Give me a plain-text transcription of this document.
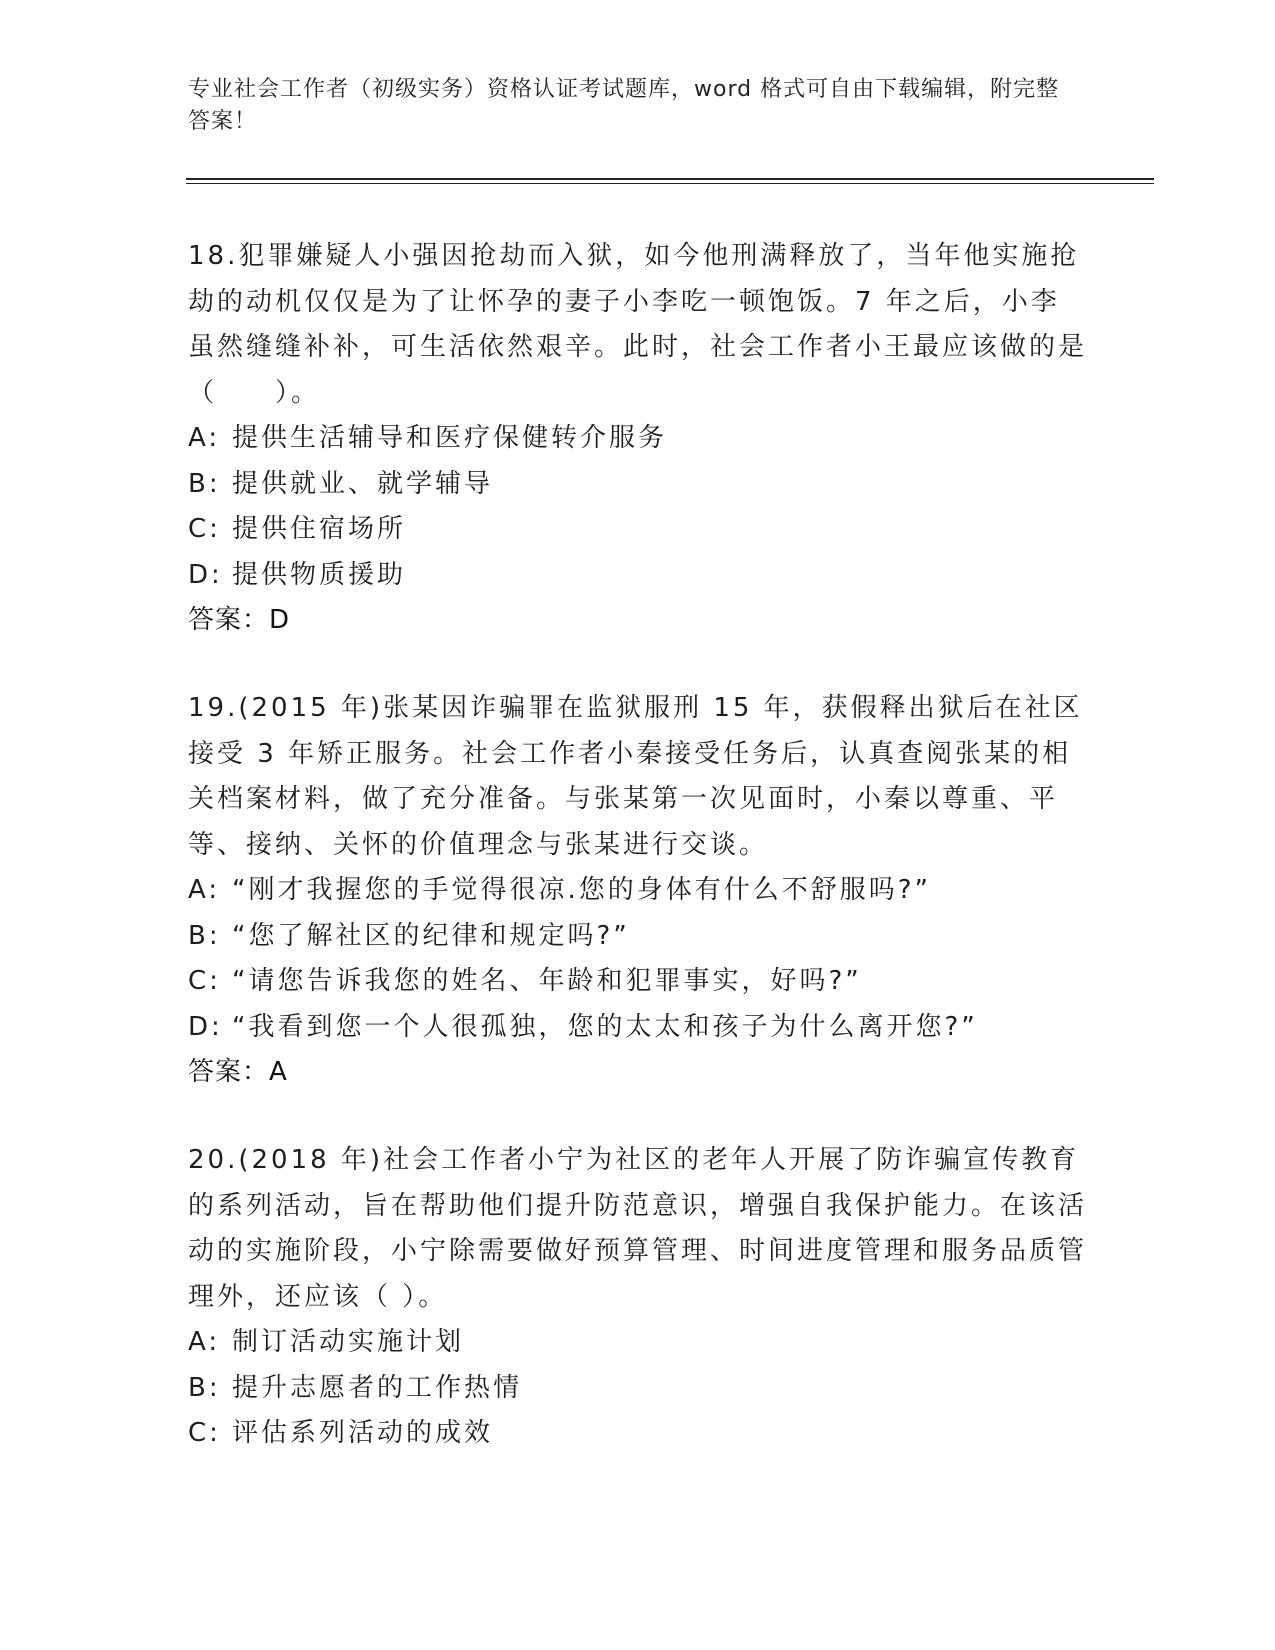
专业社会工作者（初级实务）资格认证考试题库，word 格式可自由下载编辑，附完整答案！

18.犯罪嫌疑人小强因抢劫而入狱，如今他刑满释放了，当年他实施抢劫的动机仅仅是为了让怀孕的妻子小李吃一顿饱饭。7 年之后，小李虽然缝缝补补，可生活依然艰辛。此时，社会工作者小王最应该做的是（　　）。

A: 提供生活辅导和医疗保健转介服务

B: 提供就业、就学辅导

C: 提供住宿场所

D: 提供物质援助

答案：D

19.(2015 年)张某因诈骗罪在监狱服刑 15 年，获假释出狱后在社区接受 3 年矫正服务。社会工作者小秦接受任务后，认真查阅张某的相关档案材料，做了充分准备。与张某第一次见面时，小秦以尊重、平等、接纳、关怀的价值理念与张某进行交谈。

A: “刚才我握您的手觉得很凉.您的身体有什么不舒服吗?”

B: “您了解社区的纪律和规定吗?”

C: “请您告诉我您的姓名、年龄和犯罪事实，好吗?”

D: “我看到您一个人很孤独，您的太太和孩子为什么离开您?”

答案：A

20.(2018 年)社会工作者小宁为社区的老年人开展了防诈骗宣传教育的系列活动，旨在帮助他们提升防范意识，增强自我保护能力。在该活动的实施阶段，小宁除需要做好预算管理、时间进度管理和服务品质管理外，还应该（ ）。

A: 制订活动实施计划

B: 提升志愿者的工作热情

C: 评估系列活动的成效
